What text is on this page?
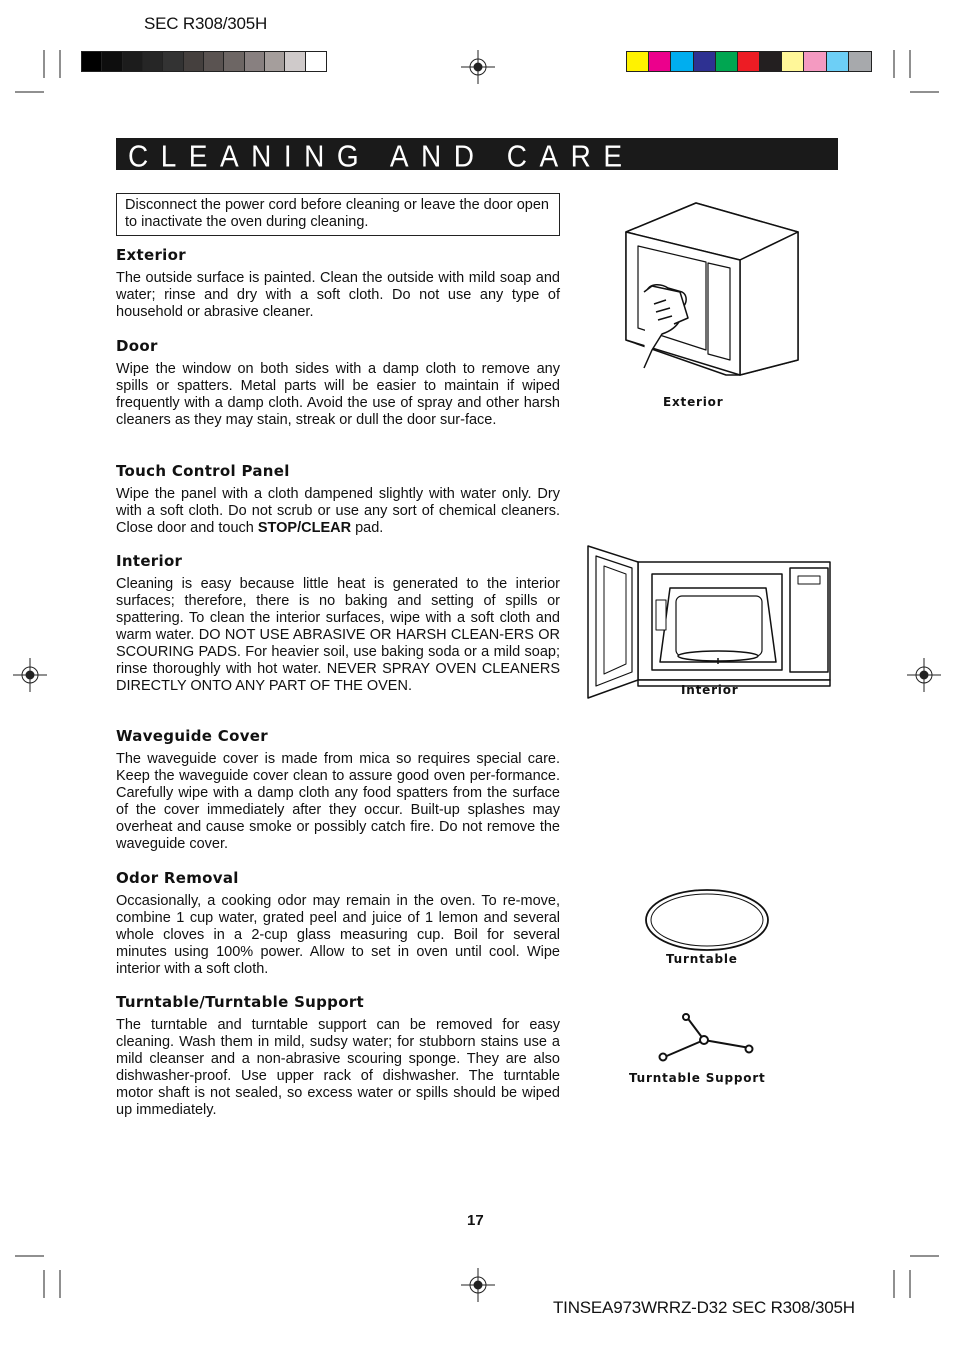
SEC R308/305H
TINSEA973WRRZ-D32 SEC R308/305H
17
CLEANING AND CARE
Disconnect the power cord before cleaning or leave the door open to inactivate the oven during cleaning.
Exterior

The outside surface is painted. Clean the outside with mild soap and water; rinse and dry with a soft cloth. Do not use any type of household or abrasive cleaner.

Door

Wipe the window on both sides with a damp cloth to remove any spills or spatters. Metal parts will be easier to maintain if wiped frequently with a damp cloth. Avoid the use of spray and other harsh cleaners as they may stain, streak or dull the door sur-face.

Touch Control Panel

Wipe the panel with a cloth dampened slightly with water only. Dry with a soft cloth. Do not scrub or use any sort of chemical cleaners. Close door and touch STOP/CLEAR pad.

Interior

Cleaning is easy because little heat is generated to the interior surfaces; therefore, there is no baking and setting of spills or spattering. To clean the interior surfaces, wipe with a soft cloth and warm water. DO NOT USE ABRASIVE OR HARSH CLEAN-ERS OR SCOURING PADS. For heavier soil, use baking soda or a mild soap; rinse thoroughly with hot water. NEVER SPRAY OVEN CLEANERS DIRECTLY ONTO ANY PART OF THE OVEN.

Waveguide Cover

The waveguide cover is made from mica so requires special care. Keep the waveguide cover clean to assure good oven per-formance. Carefully wipe with a damp cloth any food spatters from the surface of the cover immediately after they occur. Built-up splashes may overheat and cause smoke or possibly catch fire. Do not remove the waveguide cover.

Odor Removal

Occasionally, a cooking odor may remain in the oven. To re-move, combine 1 cup water, grated peel and juice of 1 lemon and several whole cloves in a 2-cup glass measuring cup. Boil for several minutes using 100% power. Allow to set in oven until cool. Wipe interior with a soft cloth.

Turntable/Turntable Support

The turntable and turntable support can be removed for easy cleaning. Wash them in mild, sudsy water; for stubborn stains use a mild cleanser and a non-abrasive scouring sponge. They are also dishwasher-proof. Use upper rack of dishwasher. The turntable motor shaft is not sealed, so excess water or spills should be wiped up immediately.

Exterior
Interior
Turntable
Turntable Support
